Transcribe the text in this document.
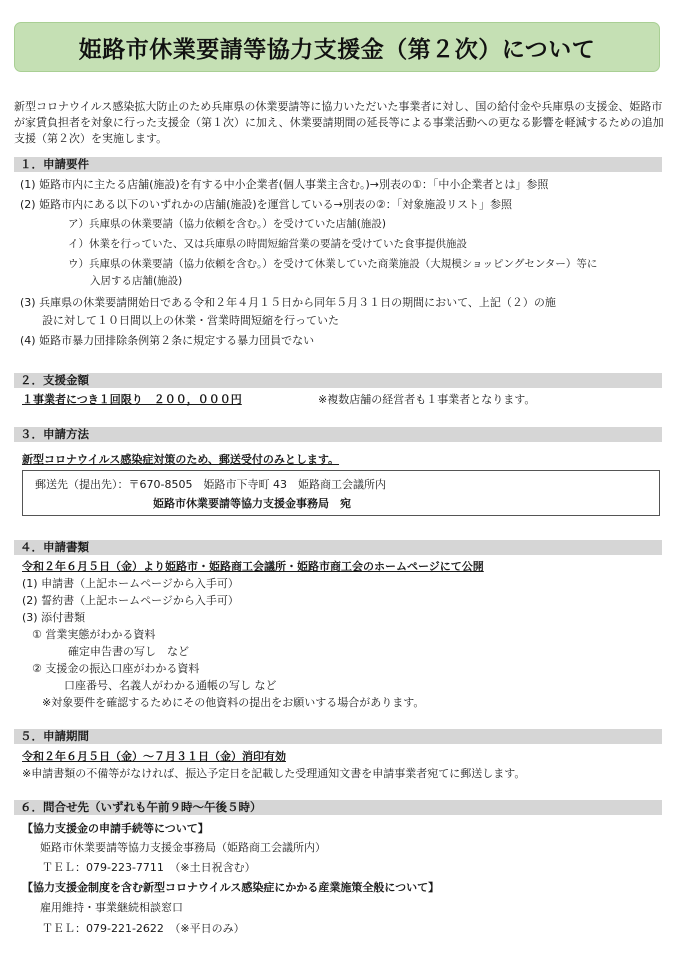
姫路市休業要請等協力支援金（第２次）について
新型コロナウイルス感染拡大防止のため兵庫県の休業要請等に協力いただいた事業者に対し、国の給付金や兵庫県の支援金、姫路市が家賃負担者を対象に行った支援金（第１次）に加え、休業要請期間の延長等による事業活動への更なる影響を軽減するための追加支援（第２次）を実施します。
１．申請要件
(1) 姫路市内に主たる店舗(施設)を有する中小企業者(個人事業主含む。)→別表の①：「中小企業者とは」参照
(2) 姫路市内にある以下のいずれかの店舗(施設)を運営している→別表の②：「対象施設リスト」参照
ア）兵庫県の休業要請（協力依頼を含む。）を受けていた店舗(施設)
イ）休業を行っていた、又は兵庫県の時間短縮営業の要請を受けていた食事提供施設
ウ）兵庫県の休業要請（協力依頼を含む。）を受けて休業していた商業施設（大規模ショッピングセンター）等に
入居する店舗(施設)
(3) 兵庫県の休業要請開始日である令和２年４月１５日から同年５月３１日の期間において、上記（２）の施
設に対して１０日間以上の休業・営業時間短縮を行っていた
(4) 姫路市暴力団排除条例第２条に規定する暴力団員でない
２．支援金額
１事業者につき１回限り　２００，０００円	※複数店舗の経営者も１事業者となります。
３．申請方法
新型コロナウイルス感染症対策のため、郵送受付のみとします。
郵送先（提出先）：〒670-8505　姫路市下寺町 43　姫路商工会議所内
姫路市休業要請等協力支援金事務局　宛
４．申請書類
令和２年６月５日（金）より姫路市・姫路商工会議所・姫路市商工会のホームページにて公開
(1) 申請書（上記ホームページから入手可）
(2) 誓約書（上記ホームページから入手可）
(3) 添付書類
① 営業実態がわかる資料
確定申告書の写し　など
② 支援金の振込口座がわかる資料
口座番号、名義人がわかる通帳の写し など
※対象要件を確認するためにその他資料の提出をお願いする場合があります。
５．申請期間
令和２年６月５日（金）～７月３１日（金）消印有効
※申請書類の不備等がなければ、振込予定日を記載した受理通知文書を申請事業者宛てに郵送します。
６．問合せ先（いずれも午前９時～午後５時）
【協力支援金の申請手続等について】
姫路市休業要請等協力支援金事務局（姫路商工会議所内）
ＴＥＬ：079-223-7711　（※土日祝含む）
【協力支援金制度を含む新型コロナウイルス感染症にかかる産業施策全般について】
雇用維持・事業継続相談窓口
ＴＥＬ：079-221-2622　（※平日のみ）
